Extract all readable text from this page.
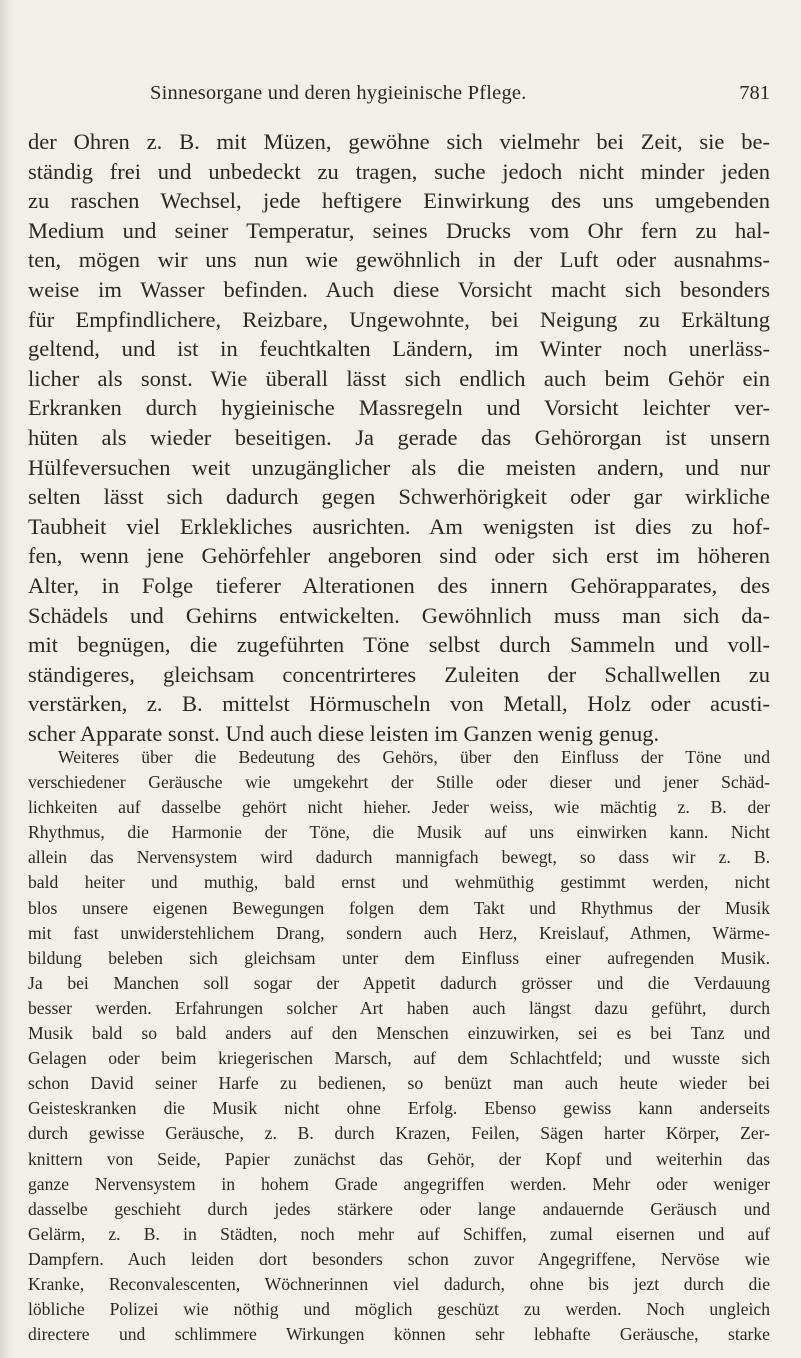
Sinnesorgane und deren hygieinische Pflege.	781
der Ohren z. B. mit Müzen, gewöhne sich vielmehr bei Zeit, sie be-
ständig frei und unbedeckt zu tragen, suche jedoch nicht minder jeden
zu raschen Wechsel, jede heftigere Einwirkung des uns umgebenden
Medium und seiner Temperatur, seines Drucks vom Ohr fern zu hal-
ten, mögen wir uns nun wie gewöhnlich in der Luft oder ausnahms-
weise im Wasser befinden. Auch diese Vorsicht macht sich besonders
für Empfindlichere, Reizbare, Ungewohnte, bei Neigung zu Erkältung
geltend, und ist in feuchtkalten Ländern, im Winter noch unerläss-
licher als sonst. Wie überall lässt sich endlich auch beim Gehör ein
Erkranken durch hygieinische Massregeln und Vorsicht leichter ver-
hüten als wieder beseitigen. Ja gerade das Gehörorgan ist unsern
Hülfeversuchen weit unzugänglicher als die meisten andern, und nur
selten lässt sich dadurch gegen Schwerhörigkeit oder gar wirkliche
Taubheit viel Erklekliches ausrichten. Am wenigsten ist dies zu hof-
fen, wenn jene Gehörfehler angeboren sind oder sich erst im höheren
Alter, in Folge tieferer Alterationen des innern Gehörapparates, des
Schädels und Gehirns entwickelten. Gewöhnlich muss man sich da-
mit begnügen, die zugeführten Töne selbst durch Sammeln und voll-
ständigeres, gleichsam concentrirteres Zuleiten der Schallwellen zu
verstärken, z. B. mittelst Hörmuscheln von Metall, Holz oder acusti-
scher Apparate sonst. Und auch diese leisten im Ganzen wenig genug.
Weiteres über die Bedeutung des Gehörs, über den Einfluss der Töne und
verschiedener Geräusche wie umgekehrt der Stille oder dieser und jener Schäd-
lichkeiten auf dasselbe gehört nicht hieher. Jeder weiss, wie mächtig z. B. der
Rhythmus, die Harmonie der Töne, die Musik auf uns einwirken kann. Nicht
allein das Nervensystem wird dadurch mannigfach bewegt, so dass wir z. B.
bald heiter und muthig, bald ernst und wehmüthig gestimmt werden, nicht
blos unsere eigenen Bewegungen folgen dem Takt und Rhythmus der Musik
mit fast unwiderstehlichem Drang, sondern auch Herz, Kreislauf, Athmen, Wärme-
bildung beleben sich gleichsam unter dem Einfluss einer aufregenden Musik.
Ja bei Manchen soll sogar der Appetit dadurch grösser und die Verdauung
besser werden. Erfahrungen solcher Art haben auch längst dazu geführt, durch
Musik bald so bald anders auf den Menschen einzuwirken, sei es bei Tanz und
Gelagen oder beim kriegerischen Marsch, auf dem Schlachtfeld; und wusste sich
schon David seiner Harfe zu bedienen, so benüzt man auch heute wieder bei
Geisteskranken die Musik nicht ohne Erfolg. Ebenso gewiss kann anderseits
durch gewisse Geräusche, z. B. durch Krazen, Feilen, Sägen harter Körper, Zer-
knittern von Seide, Papier zunächst das Gehör, der Kopf und weiterhin das
ganze Nervensystem in hohem Grade angegriffen werden. Mehr oder weniger
dasselbe geschieht durch jedes stärkere oder lange andauernde Geräusch und
Gelärm, z. B. in Städten, noch mehr auf Schiffen, zumal eisernen und auf
Dampfern. Auch leiden dort besonders schon zuvor Angegriffene, Nervöse wie
Kranke, Reconvalescenten, Wöchnerinnen viel dadurch, ohne bis jezt durch die
löbliche Polizei wie nöthig und möglich geschüzt zu werden. Noch ungleich
directere und schlimmere Wirkungen können sehr lebhafte Geräusche, starke
